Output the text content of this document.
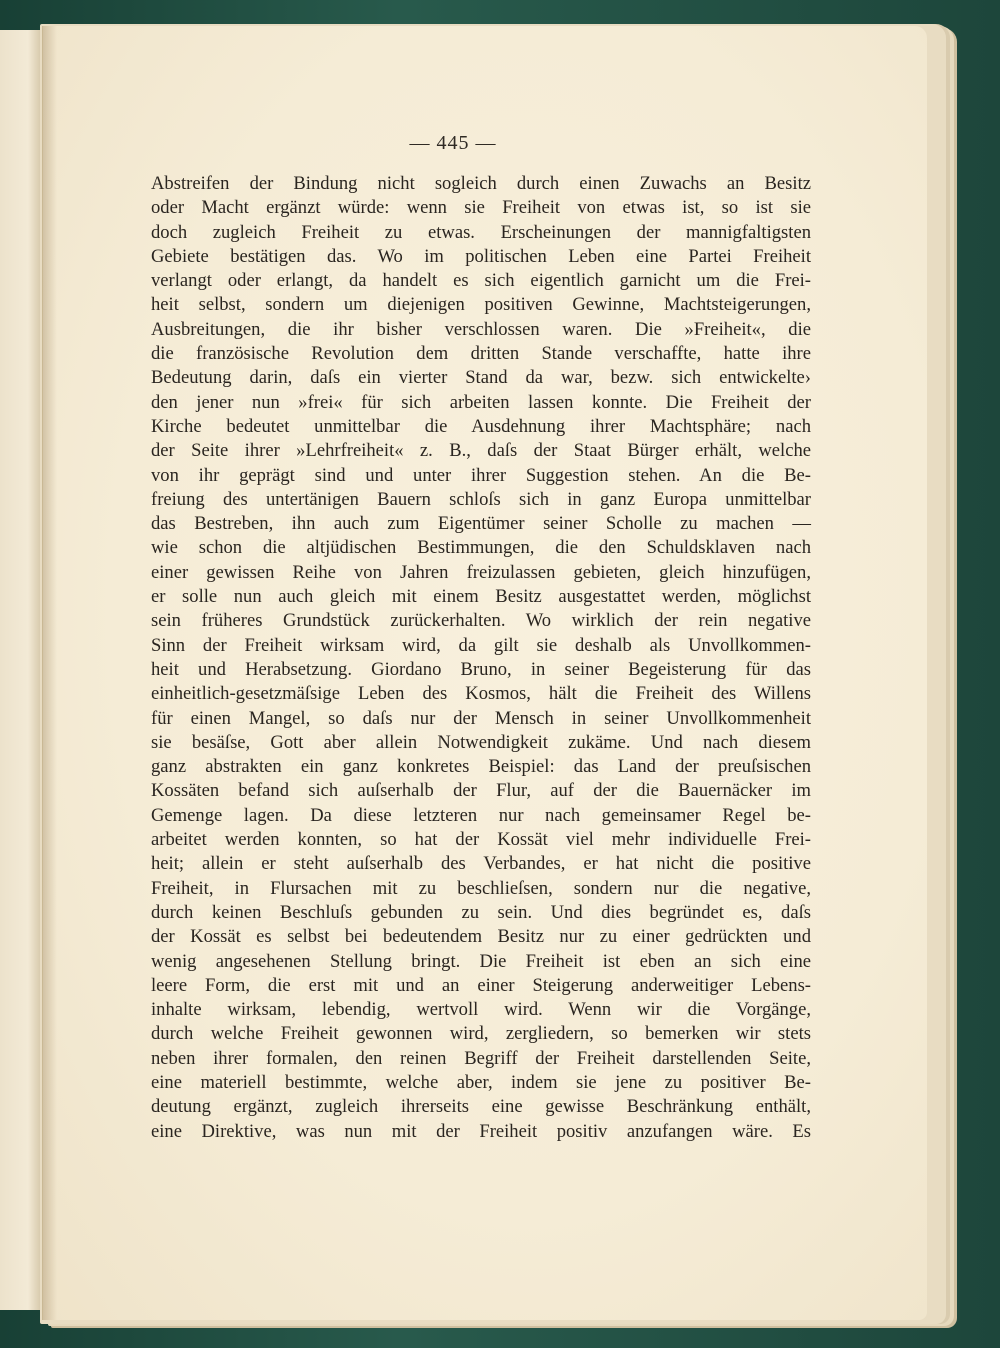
— 445 —
Abstreifen der Bindung nicht sogleich durch einen Zuwachs an Besitz
oder Macht ergänzt würde: wenn sie Freiheit von etwas ist, so ist sie
doch zugleich Freiheit zu etwas. Erscheinungen der mannigfaltigsten
Gebiete bestätigen das. Wo im politischen Leben eine Partei Freiheit
verlangt oder erlangt, da handelt es sich eigentlich garnicht um die Frei-
heit selbst, sondern um diejenigen positiven Gewinne, Machtsteigerungen,
Ausbreitungen, die ihr bisher verschlossen waren. Die »Freiheit«, die
die französische Revolution dem dritten Stande verschaffte, hatte ihre
Bedeutung darin, daſs ein vierter Stand da war, bezw. sich entwickelte›
den jener nun »frei« für sich arbeiten lassen konnte. Die Freiheit der
Kirche bedeutet unmittelbar die Ausdehnung ihrer Machtsphäre; nach
der Seite ihrer »Lehrfreiheit« z. B., daſs der Staat Bürger erhält, welche
von ihr geprägt sind und unter ihrer Suggestion stehen. An die Be-
freiung des untertänigen Bauern schloſs sich in ganz Europa unmittelbar
das Bestreben, ihn auch zum Eigentümer seiner Scholle zu machen —
wie schon die altjüdischen Bestimmungen, die den Schuldsklaven nach
einer gewissen Reihe von Jahren freizulassen gebieten, gleich hinzufügen,
er solle nun auch gleich mit einem Besitz ausgestattet werden, möglichst
sein früheres Grundstück zurückerhalten. Wo wirklich der rein negative
Sinn der Freiheit wirksam wird, da gilt sie deshalb als Unvollkommen-
heit und Herabsetzung. Giordano Bruno, in seiner Begeisterung für das
einheitlich-gesetzmäſsige Leben des Kosmos, hält die Freiheit des Willens
für einen Mangel, so daſs nur der Mensch in seiner Unvollkommenheit
sie besäſse, Gott aber allein Notwendigkeit zukäme. Und nach diesem
ganz abstrakten ein ganz konkretes Beispiel: das Land der preuſsischen
Kossäten befand sich auſserhalb der Flur, auf der die Bauernäcker im
Gemenge lagen. Da diese letzteren nur nach gemeinsamer Regel be-
arbeitet werden konnten, so hat der Kossät viel mehr individuelle Frei-
heit; allein er steht auſserhalb des Verbandes, er hat nicht die positive
Freiheit, in Flursachen mit zu beschlieſsen, sondern nur die negative,
durch keinen Beschluſs gebunden zu sein. Und dies begründet es, daſs
der Kossät es selbst bei bedeutendem Besitz nur zu einer gedrückten und
wenig angesehenen Stellung bringt. Die Freiheit ist eben an sich eine
leere Form, die erst mit und an einer Steigerung anderweitiger Lebens-
inhalte wirksam, lebendig, wertvoll wird. Wenn wir die Vorgänge,
durch welche Freiheit gewonnen wird, zergliedern, so bemerken wir stets
neben ihrer formalen, den reinen Begriff der Freiheit darstellenden Seite,
eine materiell bestimmte, welche aber, indem sie jene zu positiver Be-
deutung ergänzt, zugleich ihrerseits eine gewisse Beschränkung enthält,
eine Direktive, was nun mit der Freiheit positiv anzufangen wäre. Es
